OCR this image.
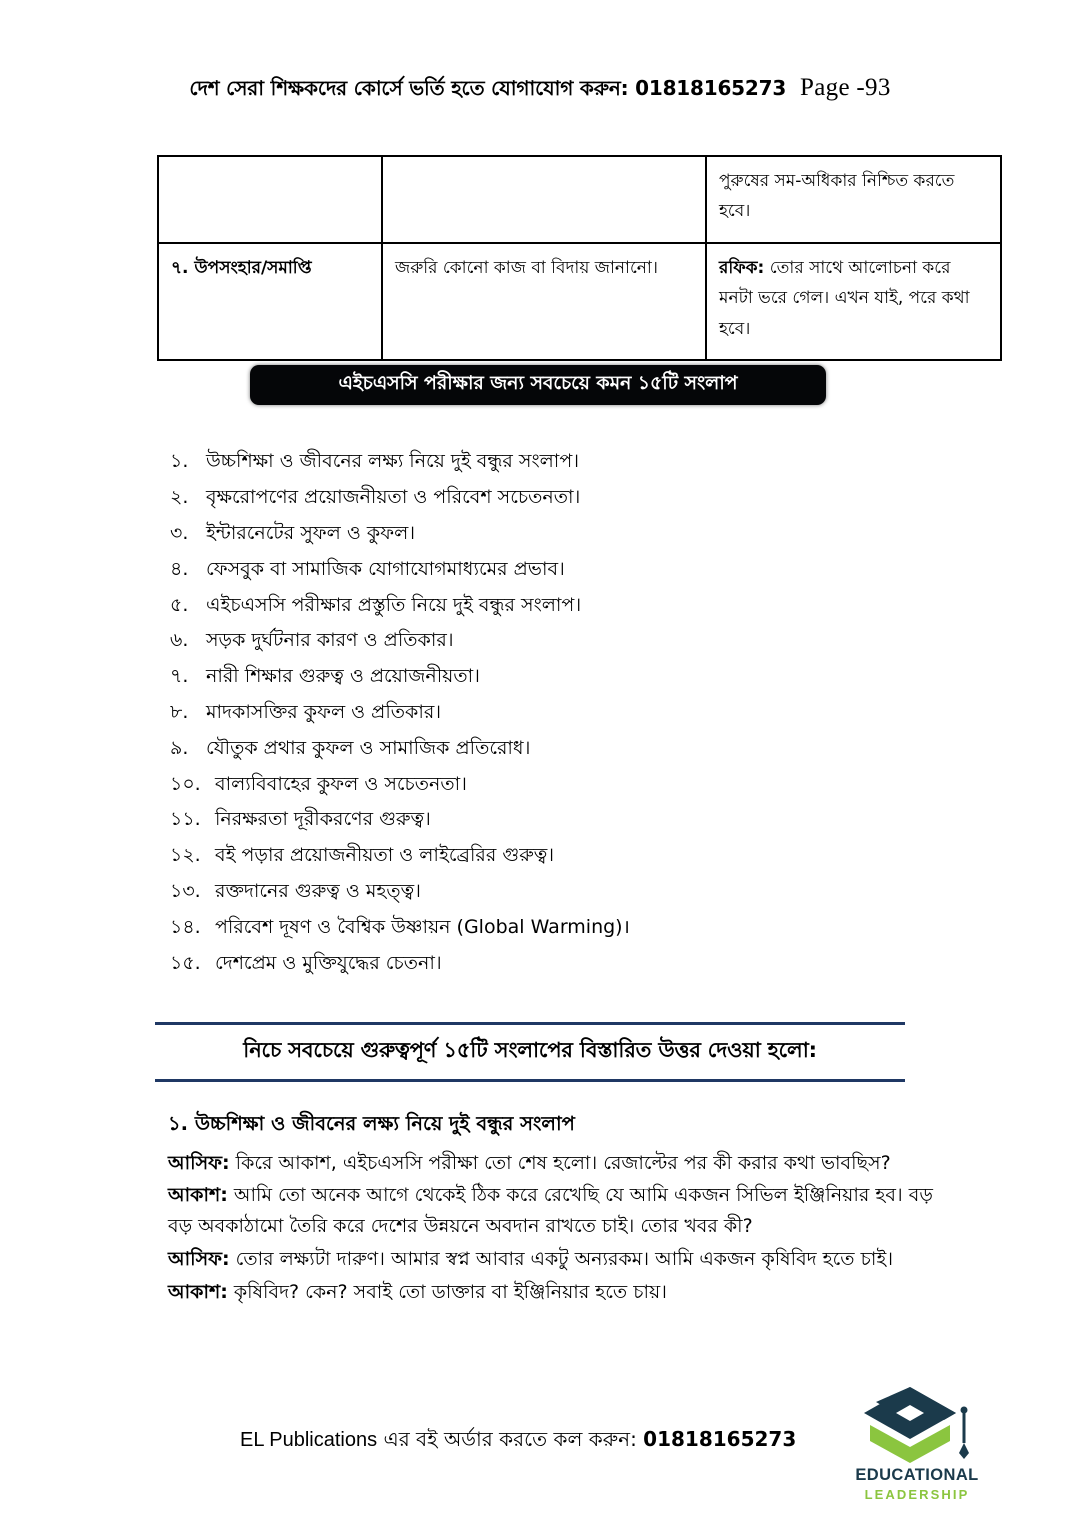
দেশ সেরা শিক্ষকদের কোর্সে ভর্তি হতে যোগাযোগ করুন: 01818165273 Page -93
		পুরুষের সম-অধিকার নিশ্চিত করতে হবে।
৭. উপসংহার/সমাপ্তি	জরুরি কোনো কাজ বা বিদায় জানানো।	রফিক: তোর সাথে আলোচনা করে মনটা ভরে গেল। এখন যাই, পরে কথা হবে।
এইচএসসি পরীক্ষার জন্য সবচেয়ে কমন ১৫টি সংলাপ
১. উচ্চশিক্ষা ও জীবনের লক্ষ্য নিয়ে দুই বন্ধুর সংলাপ।
২. বৃক্ষরোপণের প্রয়োজনীয়তা ও পরিবেশ সচেতনতা।
৩. ইন্টারনেটের সুফল ও কুফল।
৪. ফেসবুক বা সামাজিক যোগাযোগমাধ্যমের প্রভাব।
৫. এইচএসসি পরীক্ষার প্রস্তুতি নিয়ে দুই বন্ধুর সংলাপ।
৬. সড়ক দুর্ঘটনার কারণ ও প্রতিকার।
৭. নারী শিক্ষার গুরুত্ব ও প্রয়োজনীয়তা।
৮. মাদকাসক্তির কুফল ও প্রতিকার।
৯. যৌতুক প্রথার কুফল ও সামাজিক প্রতিরোধ।
১০. বাল্যবিবাহের কুফল ও সচেতনতা।
১১. নিরক্ষরতা দূরীকরণের গুরুত্ব।
১২. বই পড়ার প্রয়োজনীয়তা ও লাইব্রেরির গুরুত্ব।
১৩. রক্তদানের গুরুত্ব ও মহত্ত্ব।
১৪. পরিবেশ দূষণ ও বৈশ্বিক উষ্ণায়ন (Global Warming)।
১৫. দেশপ্রেম ও মুক্তিযুদ্ধের চেতনা।
নিচে সবচেয়ে গুরুত্বপূর্ণ ১৫টি সংলাপের বিস্তারিত উত্তর দেওয়া হলো:
১. উচ্চশিক্ষা ও জীবনের লক্ষ্য নিয়ে দুই বন্ধুর সংলাপ

আসিফ: কিরে আকাশ, এইচএসসি পরীক্ষা তো শেষ হলো। রেজাল্টের পর কী করার কথা ভাবছিস?

আকাশ: আমি তো অনেক আগে থেকেই ঠিক করে রেখেছি যে আমি একজন সিভিল ইঞ্জিনিয়ার হব। বড় বড় অবকাঠামো তৈরি করে দেশের উন্নয়নে অবদান রাখতে চাই। তোর খবর কী?

আসিফ: তোর লক্ষ্যটা দারুণ। আমার স্বপ্ন আবার একটু অন্যরকম। আমি একজন কৃষিবিদ হতে চাই।

আকাশ: কৃষিবিদ? কেন? সবাই তো ডাক্তার বা ইঞ্জিনিয়ার হতে চায়।

EL Publications এর বই অর্ডার করতে কল করুন: 01818165273
EDUCATIONAL
LEADERSHIP
